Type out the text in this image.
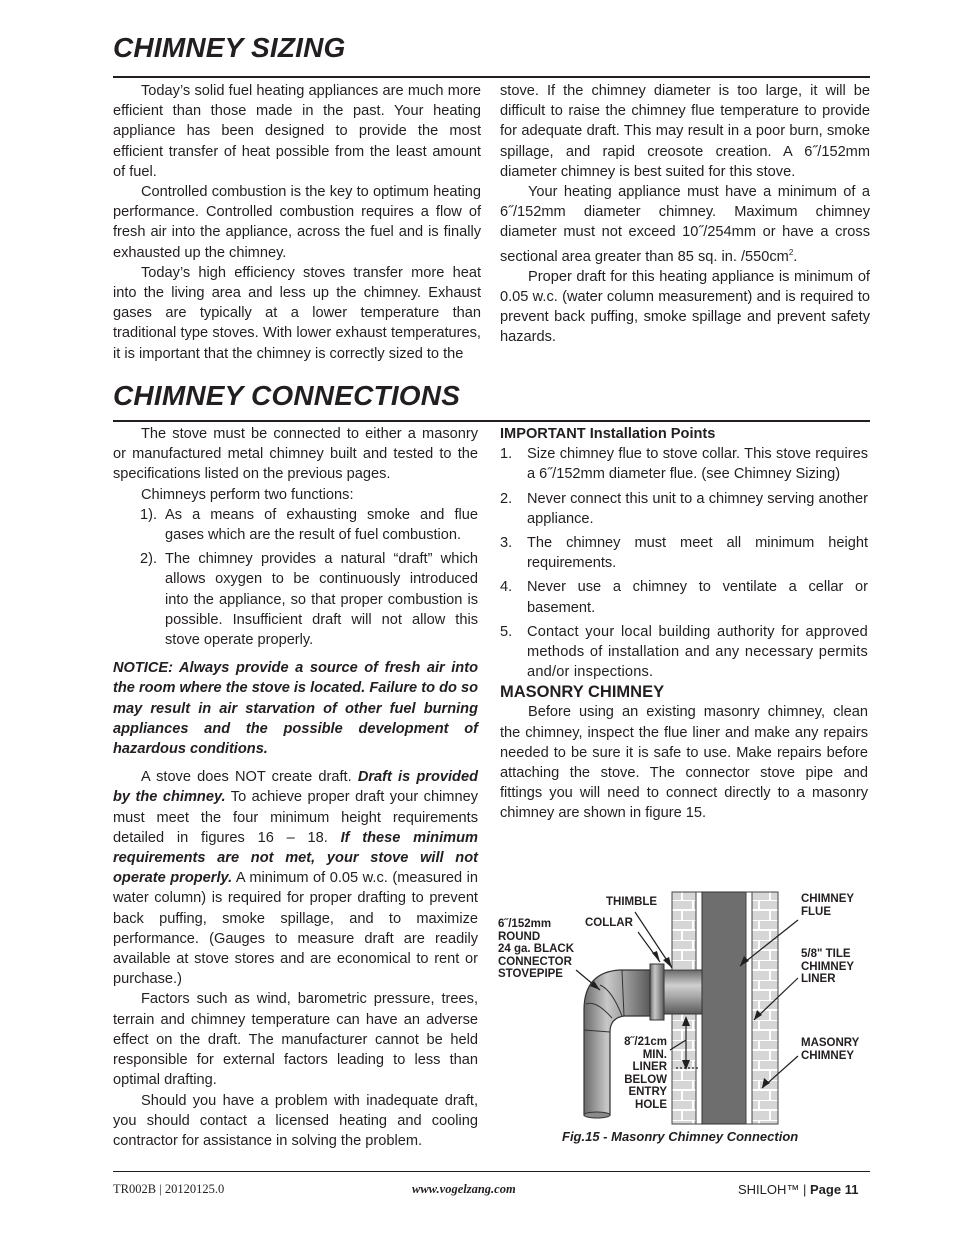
CHIMNEY SIZING

Today’s solid fuel heating appliances are much more efficient than those made in the past. Your heating appliance has been designed to provide the most efficient transfer of heat possible from the least amount of fuel.

Controlled combustion is the key to optimum heating performance. Controlled combustion requires a flow of fresh air into the appliance, across the fuel and is finally exhausted up the chimney.

Today’s high efficiency stoves transfer more heat into the living area and less up the chimney. Exhaust gases are typically at a lower temperature than traditional type stoves. With lower exhaust temperatures, it is important that the chimney is correctly sized to the

stove. If the chimney diameter is too large, it will be difficult to raise the chimney flue temperature to provide for adequate draft. This may result in a poor burn, smoke spillage, and rapid creosote creation. A 6˝/152mm diameter chimney is best suited for this stove.

Your heating appliance must have a minimum of a 6˝/152mm diameter chimney. Maximum chimney diameter must not exceed 10˝/254mm or have a cross sectional area greater than 85 sq. in. $/550cm^2$.

Proper draft for this heating appliance is minimum of 0.05 w.c. (water column measurement) and is required to prevent back puffing, smoke spillage and prevent safety hazards.

CHIMNEY CONNECTIONS

The stove must be connected to either a masonry or manufactured metal chimney built and tested to the specifications listed on the previous pages.

Chimneys perform two functions:

1). As a means of exhausting smoke and flue gases which are the result of fuel combustion.
2). The chimney provides a natural “draft” which allows oxygen to be continuously introduced into the appliance, so that proper combustion is possible. Insufficient draft will not allow this stove operate properly.

NOTICE: Always provide a source of fresh air into the room where the stove is located. Failure to do so may result in air starvation of other fuel burning appliances and the possible development of hazardous conditions.

A stove does NOT create draft. Draft is provided by the chimney. To achieve proper draft your chimney must meet the four minimum height requirements detailed in figures 16 – 18. If these minimum requirements are not met, your stove will not operate properly. A minimum of 0.05 w.c. (measured in water column) is required for proper drafting to prevent back puffing, smoke spillage, and to maximize performance. (Gauges to measure draft are readily available at stove stores and are economical to rent or purchase.)

Factors such as wind, barometric pressure, trees, terrain and chimney temperature can have an adverse effect on the draft. The manufacturer cannot be held responsible for external factors leading to less than optimal drafting.

Should you have a problem with inadequate draft, you should contact a licensed heating and cooling contractor for assistance in solving the problem.

IMPORTANT Installation Points

1.	Size chimney flue to stove collar. This stove requires a 6˝/152mm diameter flue. (see Chimney Sizing)
2.	Never connect this unit to a chimney serving another appliance.
3.	The chimney must meet all minimum height requirements.
4.	Never use a chimney to ventilate a cellar or basement.
5.	Contact your local building authority for approved methods of installation and any necessary permits and/or inspections.

MASONRY CHIMNEY

Before using an existing masonry chimney, clean the chimney, inspect the flue liner and make any repairs needed to be sure it is safe to use. Make repairs before attaching the stove. The connector stove pipe and fittings you will need to connect directly to a masonry chimney are shown in figure 15.

THIMBLE
COLLAR
6˝/152mm
ROUND
24 ga. BLACK
CONNECTOR
STOVEPIPE
CHIMNEY
FLUE
5/8" TILE
CHIMNEY
LINER
MASONRY
CHIMNEY
8˝/21cm
MIN.
LINER
BELOW
ENTRY
HOLE
Fig.15 - Masonry Chimney Connection
TR002B | 20120125.0	www.vogelzang.com	SHILOH™ | Page 11
